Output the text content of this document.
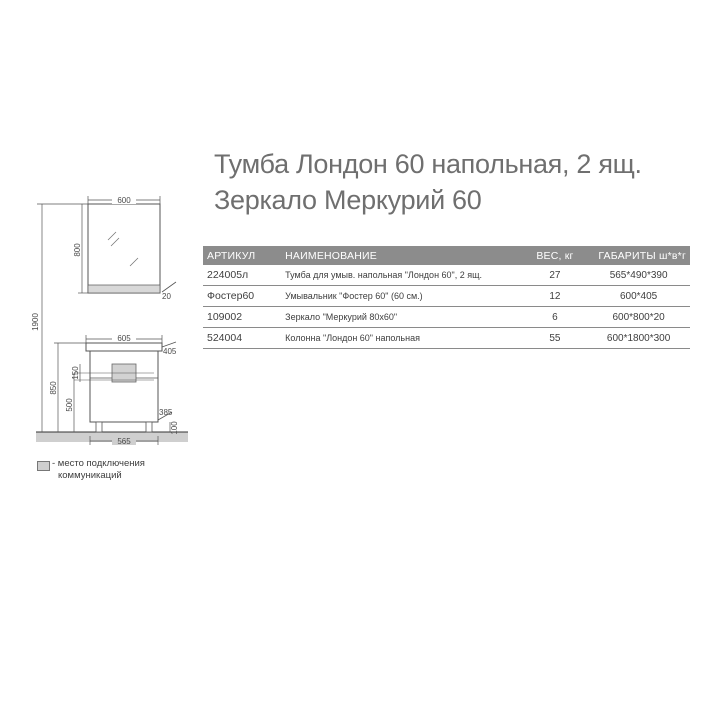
Тумба Лондон 60 напольная, 2 ящ.
Зеркало Меркурий 60
АРТИКУЛ	НАИМЕНОВАНИЕ	ВЕС, кг	ГАБАРИТЫ ш*в*г
224005л	Тумба для умыв. напольная "Лондон 60", 2 ящ.	27	565*490*390
Фостер60	Умывальник "Фостер 60" (60 см.)	12	600*405
109002	Зеркало "Меркурий 80х60"	6	600*800*20
524004	Колонна "Лондон 60" напольная	55	600*1800*300
1900
600
800
20
605
405
850
500
150
385
100
565
- место подключения
коммуникаций
